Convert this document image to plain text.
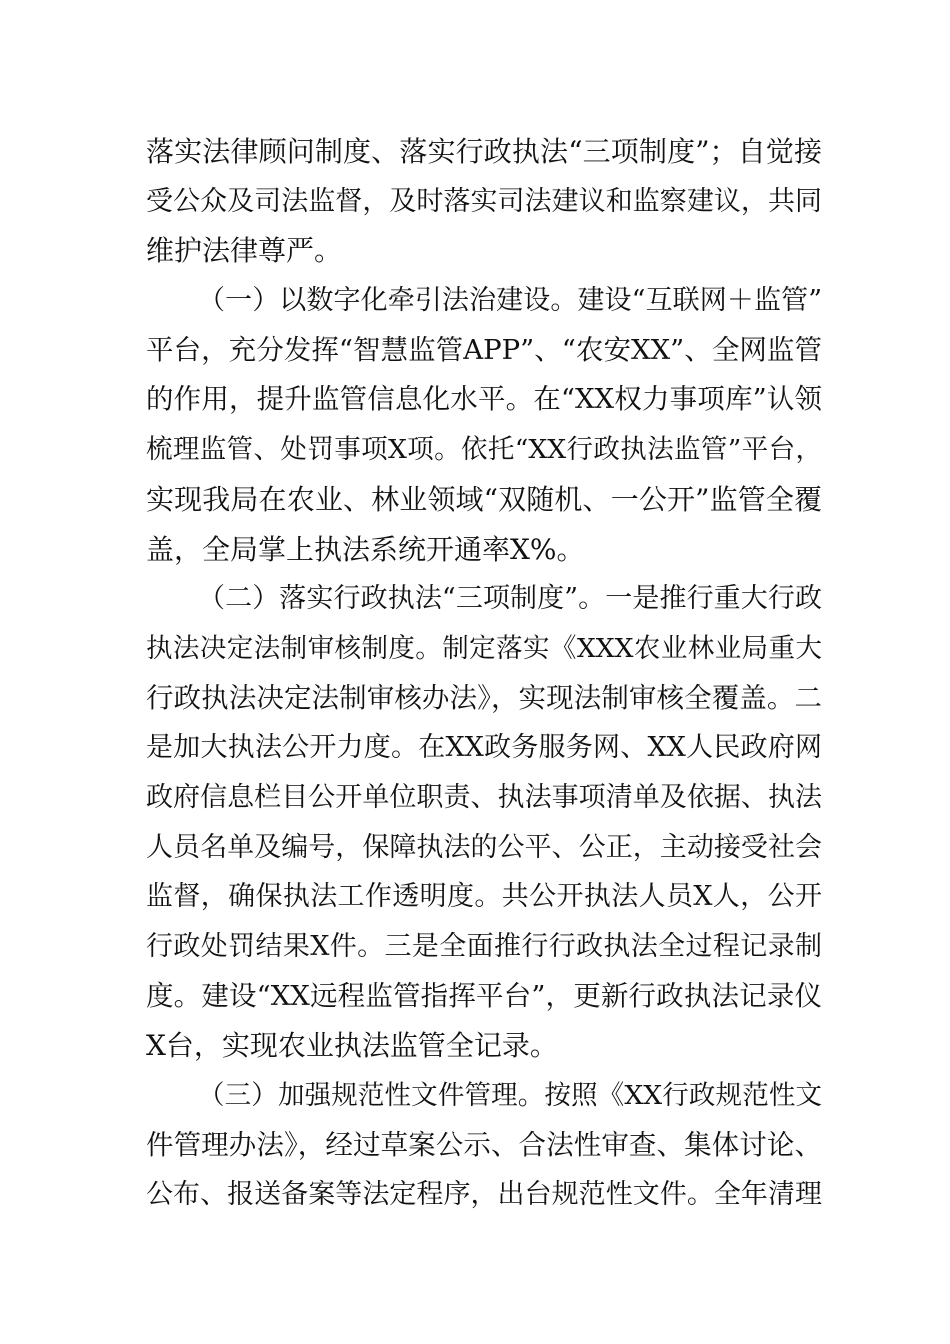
落实法律顾问制度、落实行政执法“三项制度”；自觉接
受公众及司法监督，及时落实司法建议和监察建议，共同
维护法律尊严。
（一）以数字化牵引法治建设。建设“互联网＋监管”
平台，充分发挥“智慧监管APP”、“农安XX”、全网监管
的作用，提升监管信息化水平。在“XX权力事项库”认领
梳理监管、处罚事项X项。依托“XX行政执法监管”平台，
实现我局在农业、林业领域“双随机、一公开”监管全覆
盖，全局掌上执法系统开通率X%。
（二）落实行政执法“三项制度”。一是推行重大行政
执法决定法制审核制度。制定落实《XXX农业林业局重大
行政执法决定法制审核办法》，实现法制审核全覆盖。二
是加大执法公开力度。在XX政务服务网、XX人民政府网
政府信息栏目公开单位职责、执法事项清单及依据、执法
人员名单及编号，保障执法的公平、公正，主动接受社会
监督，确保执法工作透明度。共公开执法人员X人，公开
行政处罚结果X件。三是全面推行行政执法全过程记录制
度。建设“XX远程监管指挥平台”，更新行政执法记录仪
X台，实现农业执法监管全记录。
（三）加强规范性文件管理。按照《XX行政规范性文
件管理办法》，经过草案公示、合法性审查、集体讨论、
公布、报送备案等法定程序，出台规范性文件。全年清理
